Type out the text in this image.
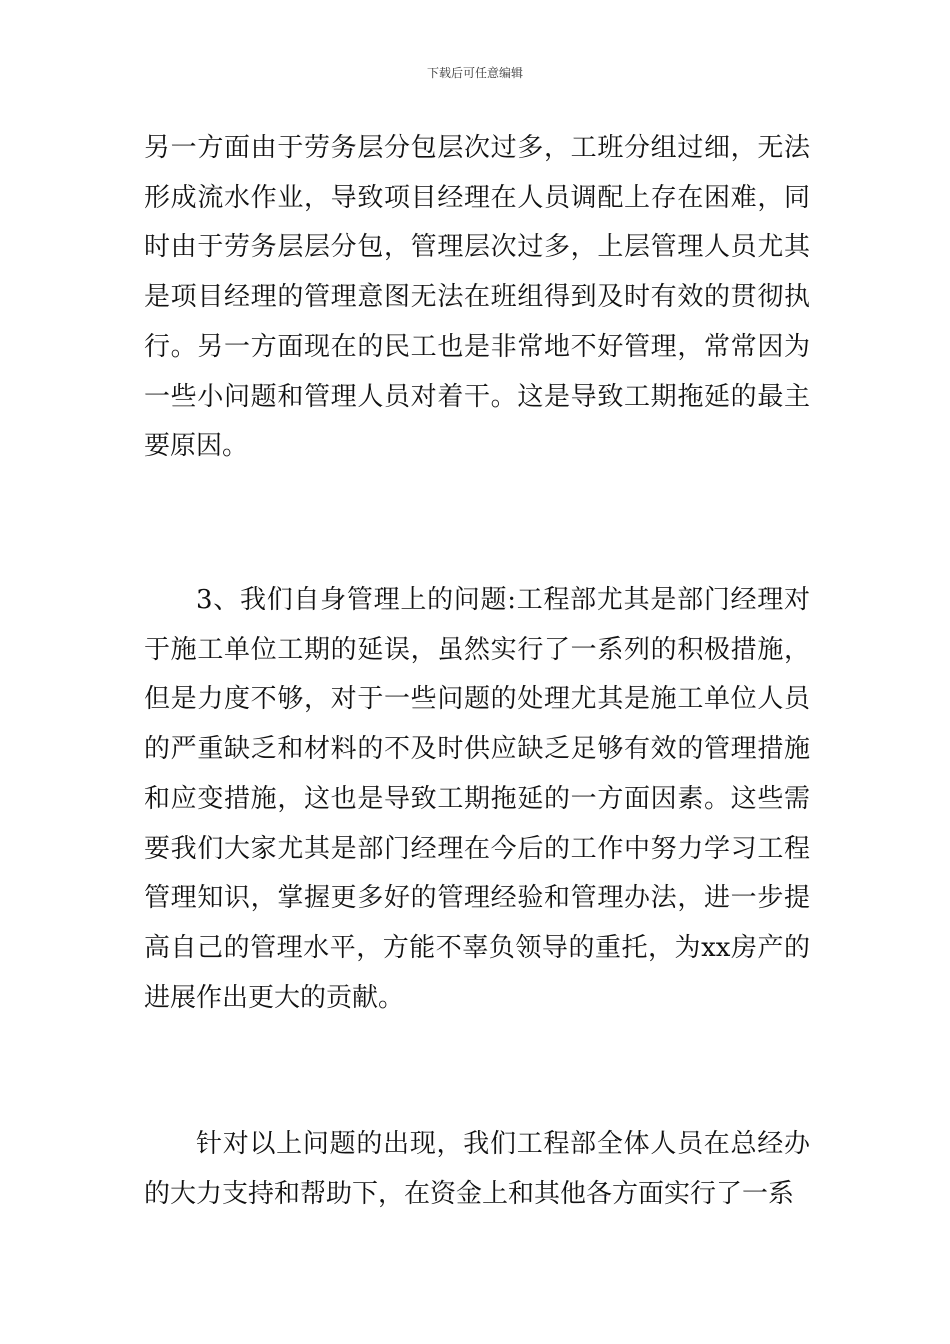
下载后可任意编辑

另一方面由于劳务层分包层次过多，工班分组过细，无法形成流水作业，导致项目经理在人员调配上存在困难，同时由于劳务层层分包，管理层次过多，上层管理人员尤其是项目经理的管理意图无法在班组得到及时有效的贯彻执行。另一方面现在的民工也是非常地不好管理，常常因为一些小问题和管理人员对着干。这是导致工期拖延的最主要原因。

3、我们自身管理上的问题:工程部尤其是部门经理对于施工单位工期的延误，虽然实行了一系列的积极措施，但是力度不够，对于一些问题的处理尤其是施工单位人员的严重缺乏和材料的不及时供应缺乏足够有效的管理措施和应变措施，这也是导致工期拖延的一方面因素。这些需要我们大家尤其是部门经理在今后的工作中努力学习工程管理知识，掌握更多好的管理经验和管理办法，进一步提高自己的管理水平，方能不辜负领导的重托，为xx房产的进展作出更大的贡献。

针对以上问题的出现，我们工程部全体人员在总经办的大力支持和帮助下，在资金上和其他各方面实行了一系
